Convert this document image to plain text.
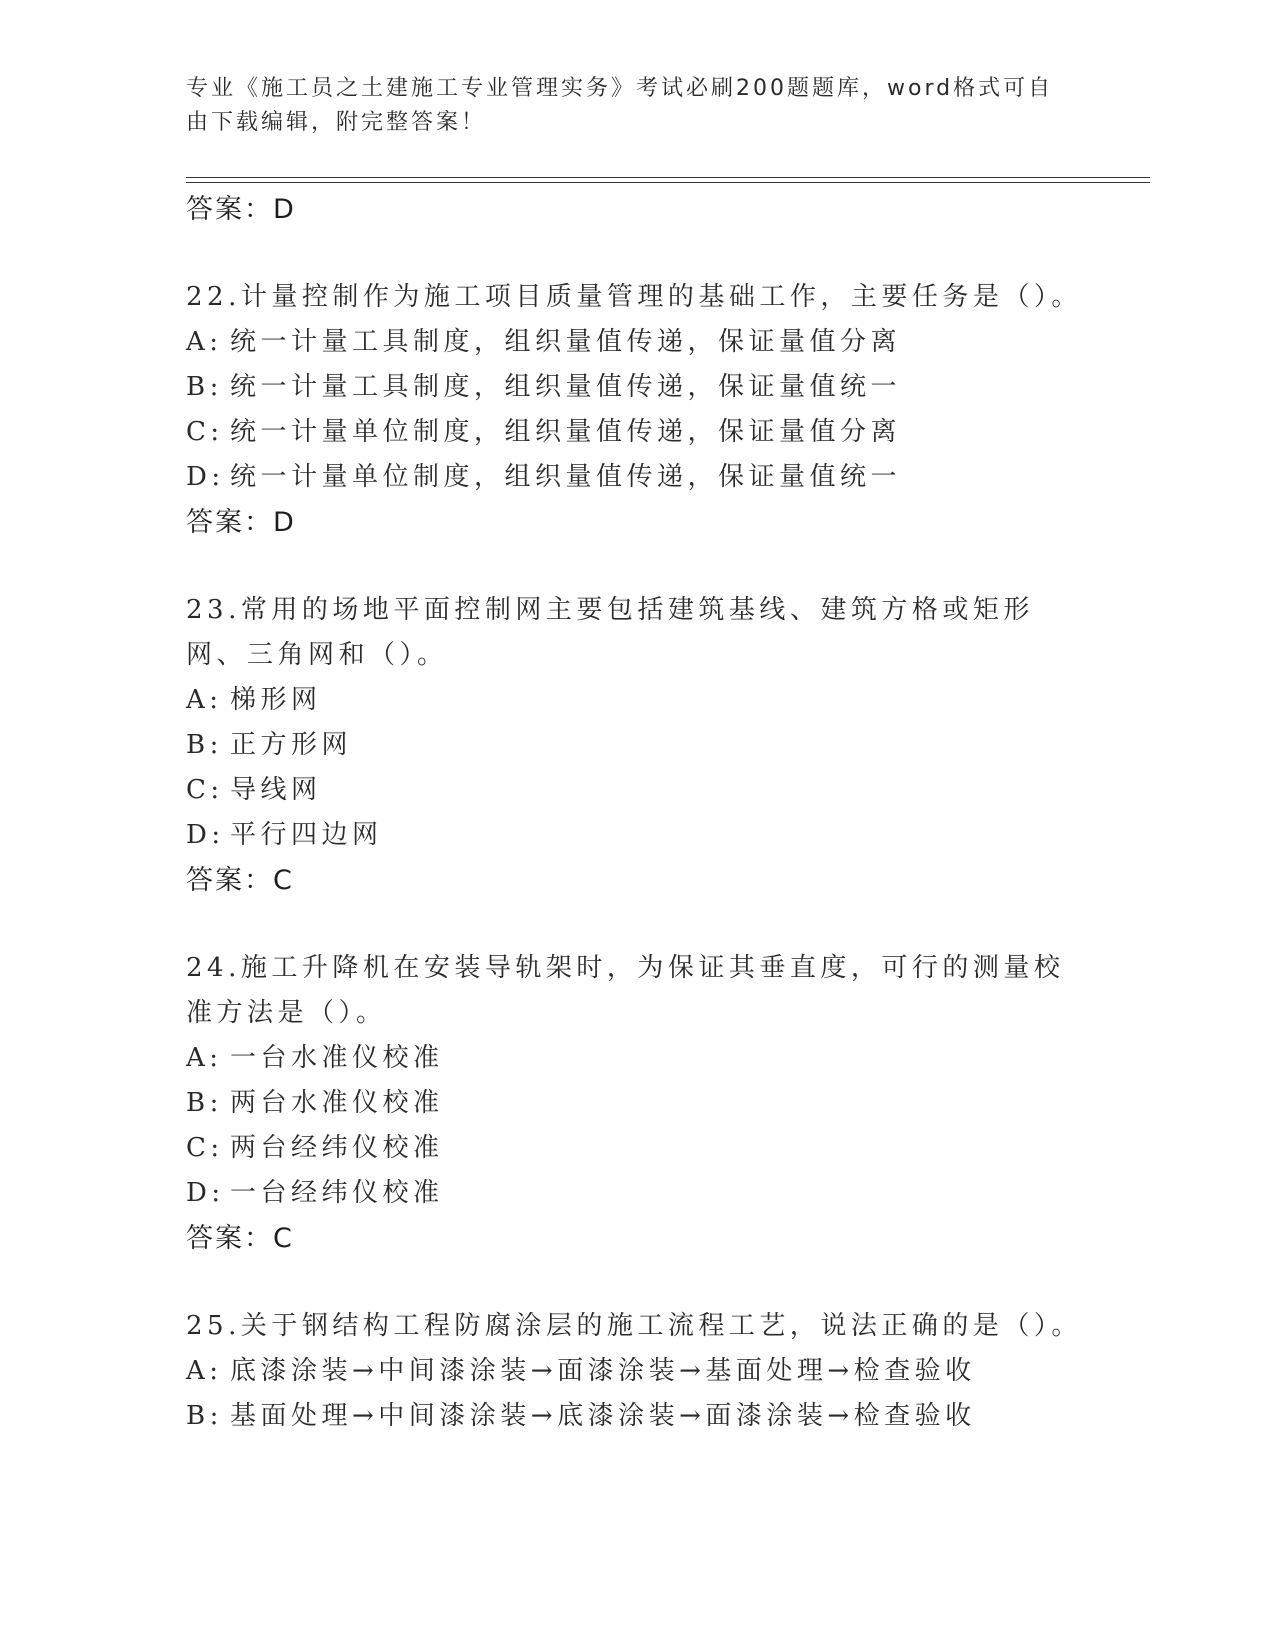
专业《施工员之土建施工专业管理实务》考试必刷200题题库，word格式可自由下载编辑，附完整答案！
答案：D
22.计量控制作为施工项目质量管理的基础工作，主要任务是（）。
A: 统一计量工具制度，组织量值传递，保证量值分离
B: 统一计量工具制度，组织量值传递，保证量值统一
C: 统一计量单位制度，组织量值传递，保证量值分离
D: 统一计量单位制度，组织量值传递，保证量值统一
答案：D
23.常用的场地平面控制网主要包括建筑基线、建筑方格或矩形网、三角网和（）。
A: 梯形网
B: 正方形网
C: 导线网
D: 平行四边网
答案：C
24.施工升降机在安装导轨架时，为保证其垂直度，可行的测量校准方法是（）。
A: 一台水准仪校准
B: 两台水准仪校准
C: 两台经纬仪校准
D: 一台经纬仪校准
答案：C
25.关于钢结构工程防腐涂层的施工流程工艺，说法正确的是（）。
A: 底漆涂装→中间漆涂装→面漆涂装→基面处理→检查验收
B: 基面处理→中间漆涂装→底漆涂装→面漆涂装→检查验收
